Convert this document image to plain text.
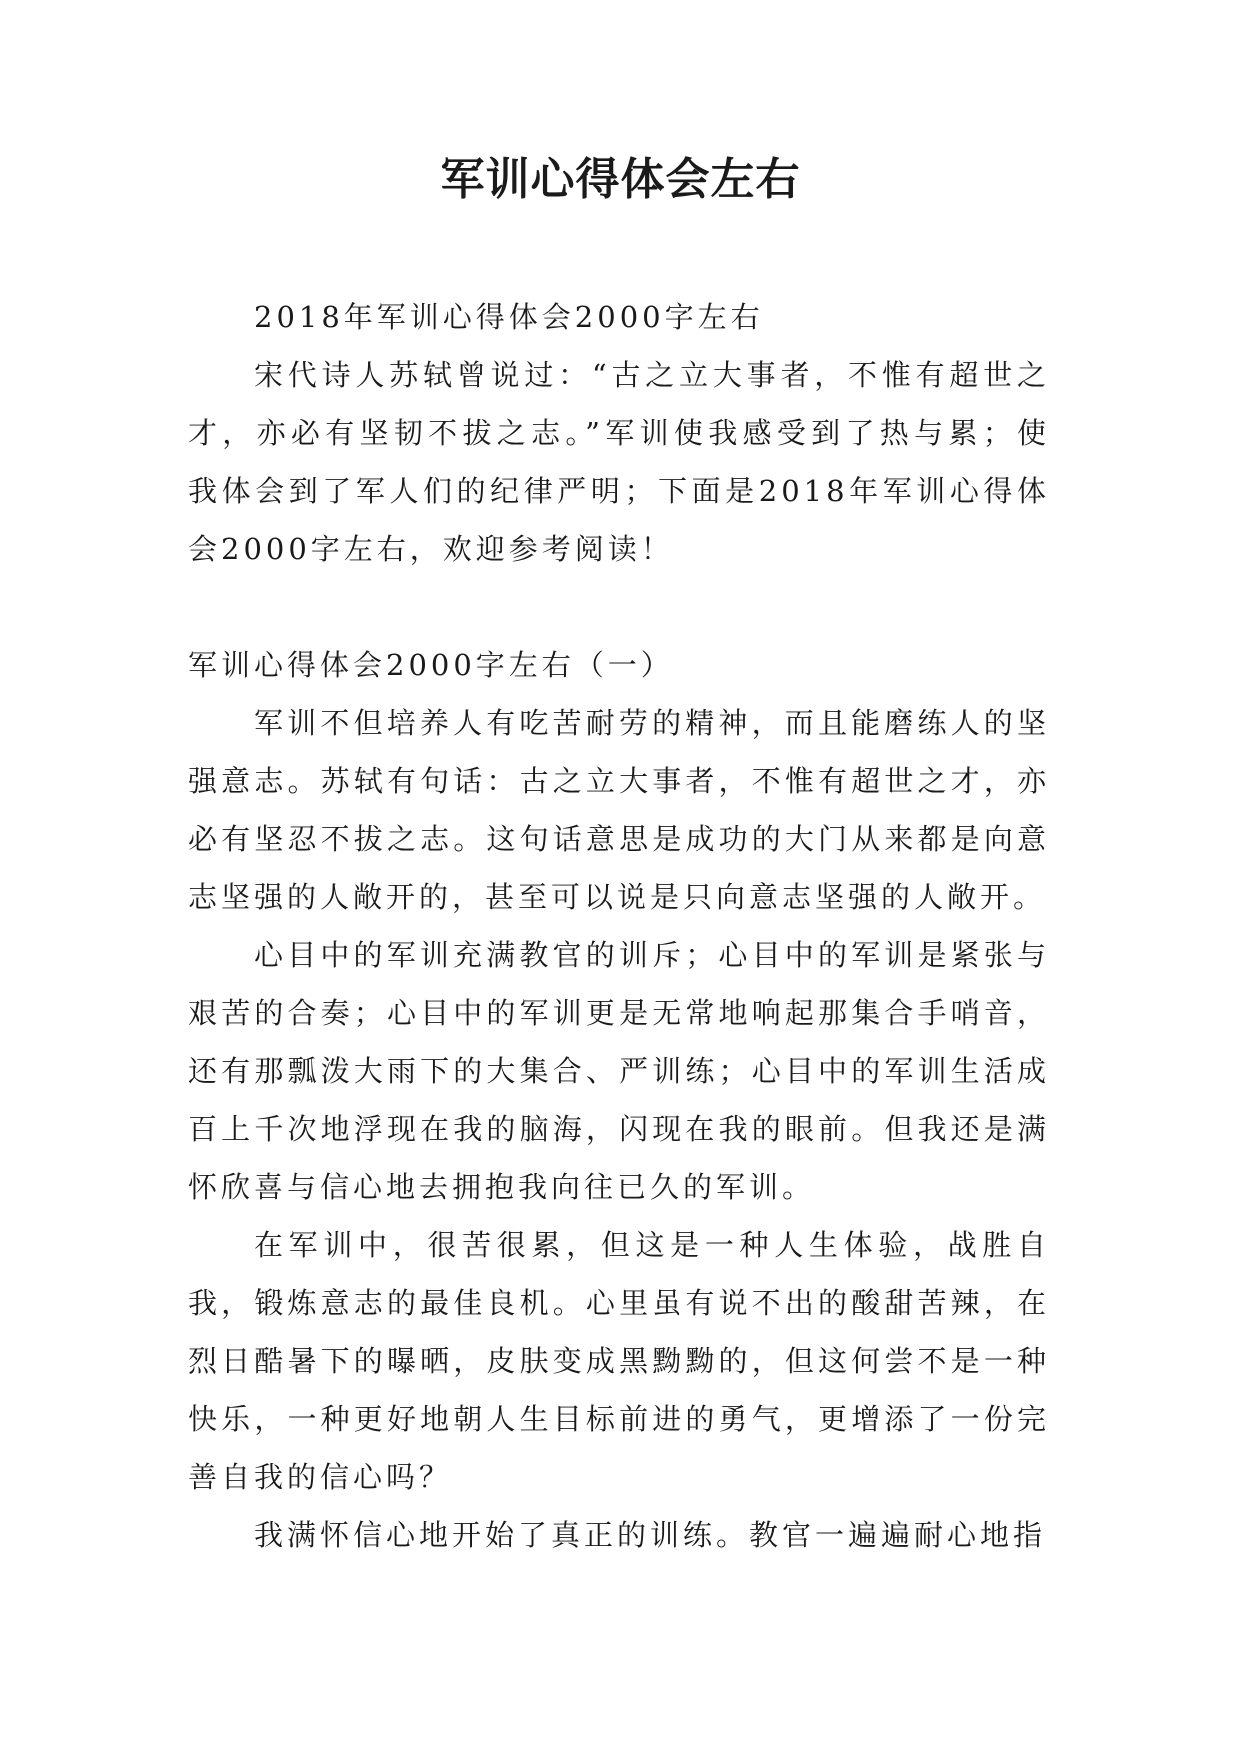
军训心得体会左右

2018年军训心得体会2000字左右

宋代诗人苏轼曾说过：“古之立大事者，不惟有超世之才，亦必有坚韧不拔之志。”军训使我感受到了热与累；使我体会到了军人们的纪律严明；下面是2018年军训心得体会2000字左右，欢迎参考阅读！

军训心得体会2000字左右（一）

军训不但培养人有吃苦耐劳的精神，而且能磨练人的坚强意志。苏轼有句话：古之立大事者，不惟有超世之才，亦必有坚忍不拔之志。这句话意思是成功的大门从来都是向意志坚强的人敞开的，甚至可以说是只向意志坚强的人敞开。

心目中的军训充满教官的训斥；心目中的军训是紧张与艰苦的合奏；心目中的军训更是无常地响起那集合手哨音，还有那瓢泼大雨下的大集合、严训练；心目中的军训生活成百上千次地浮现在我的脑海，闪现在我的眼前。但我还是满怀欣喜与信心地去拥抱我向往已久的军训。

在军训中，很苦很累，但这是一种人生体验，战胜自我，锻炼意志的最佳良机。心里虽有说不出的酸甜苦辣，在烈日酷暑下的曝晒，皮肤变成黑黝黝的，但这何尝不是一种快乐，一种更好地朝人生目标前进的勇气，更增添了一份完善自我的信心吗？

我满怀信心地开始了真正的训练。教官一遍遍耐心地指
